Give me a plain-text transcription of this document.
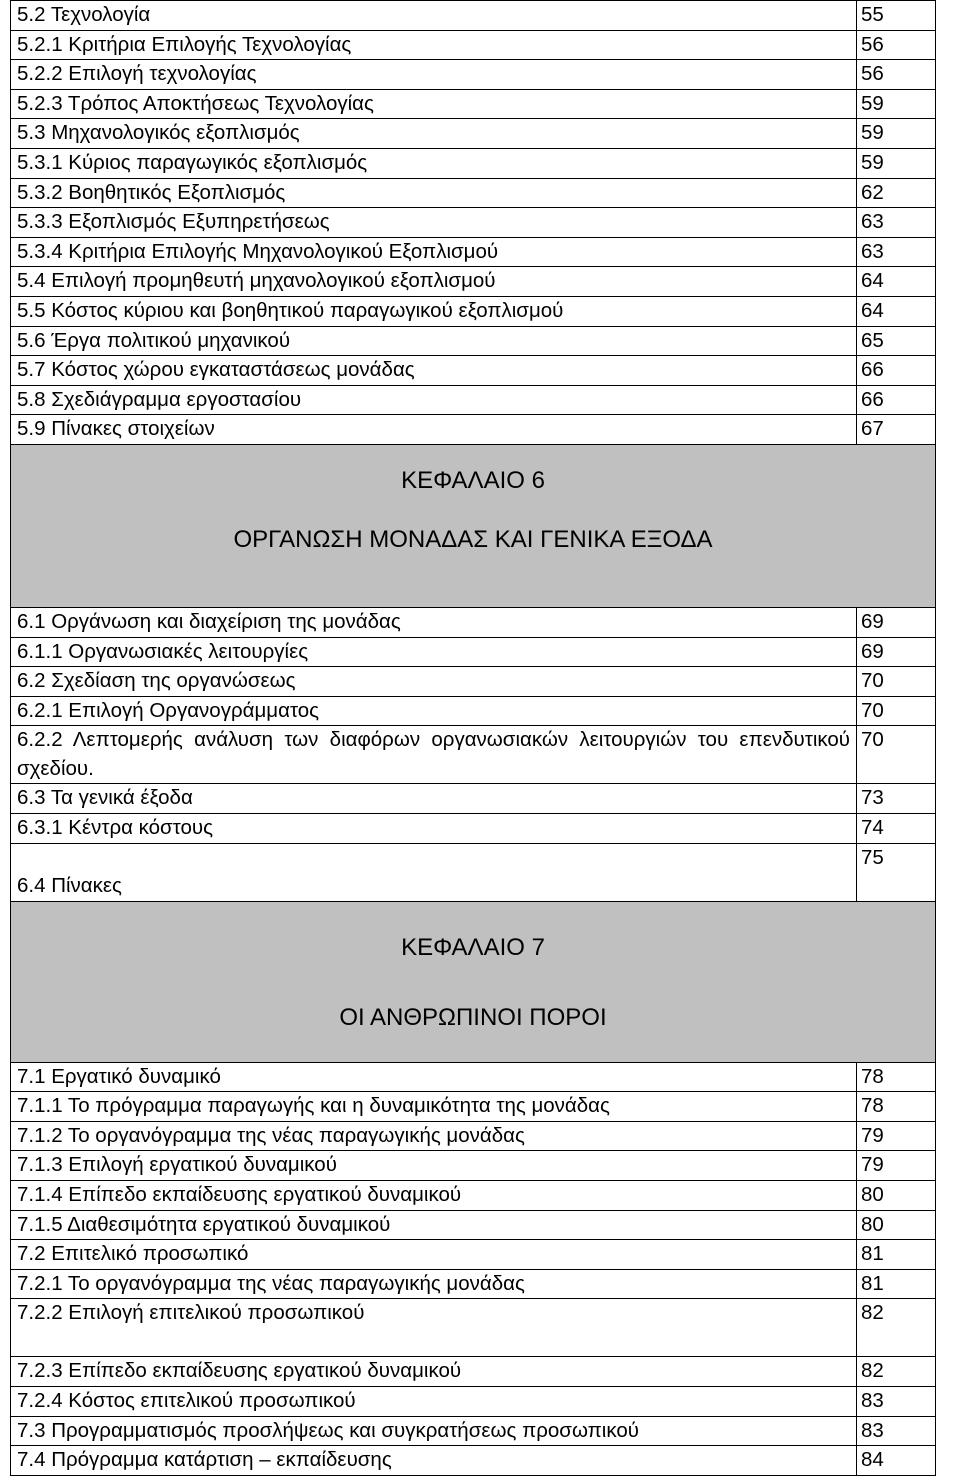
5.2 Τεχνολογία	55
5.2.1 Κριτήρια Επιλογής Τεχνολογίας	56
5.2.2 Επιλογή τεχνολογίας	56
5.2.3 Τρόπος Αποκτήσεως Τεχνολογίας	59
5.3 Μηχανολογικός εξοπλισμός	59
5.3.1 Κύριος παραγωγικός εξοπλισμός	59
5.3.2 Βοηθητικός Εξοπλισμός	62
5.3.3 Εξοπλισμός Εξυπηρετήσεως	63
5.3.4 Κριτήρια Επιλογής Μηχανολογικού Εξοπλισμού	63
5.4 Επιλογή προμηθευτή μηχανολογικού εξοπλισμού	64
5.5 Κόστος κύριου και βοηθητικού παραγωγικού εξοπλισμού	64
5.6 Έργα πολιτικού μηχανικού	65
5.7 Κόστος χώρου εγκαταστάσεως μονάδας	66
5.8 Σχεδιάγραμμα εργοστασίου	66
5.9 Πίνακες στοιχείων	67

ΚΕΦΑΛΑΙΟ 6
ΟΡΓΑΝΩΣΗ ΜΟΝΑΔΑΣ ΚΑΙ ΓΕΝΙΚΑ ΕΞΟΔΑ	

6.1 Οργάνωση και διαχείριση της μονάδας	69
6.1.1 Οργανωσιακές λειτουργίες	69
6.2 Σχεδίαση της οργανώσεως	70
6.2.1 Επιλογή Οργανογράμματος	70
6.2.2 Λεπτομερής ανάλυση των διαφόρων οργανωσιακών λειτουργιών του επενδυτικού σχεδίου.	70
6.3 Τα γενικά έξοδα	73
6.3.1 Κέντρα κόστους	74
6.4 Πίνακες	75

ΚΕΦΑΛΑΙΟ 7
ΟΙ ΑΝΘΡΩΠΙΝΟΙ ΠΟΡΟΙ	

7.1 Εργατικό δυναμικό	78
7.1.1 Το πρόγραμμα παραγωγής και η δυναμικότητα της μονάδας	78
7.1.2 Το οργανόγραμμα της νέας παραγωγικής μονάδας	79
7.1.3 Επιλογή εργατικού δυναμικού	79
7.1.4 Επίπεδο εκπαίδευσης εργατικού δυναμικού	80
7.1.5 Διαθεσιμότητα εργατικού δυναμικού	80
7.2 Επιτελικό προσωπικό	81
7.2.1 Το οργανόγραμμα της νέας παραγωγικής μονάδας	81
7.2.2 Επιλογή επιτελικού προσωπικού	82
7.2.3 Επίπεδο εκπαίδευσης εργατικού δυναμικού	82
7.2.4 Κόστος επιτελικού προσωπικού	83
7.3 Προγραμματισμός προσλήψεως και συγκρατήσεως προσωπικού	83
7.4 Πρόγραμμα κατάρτιση – εκπαίδευσης	84
